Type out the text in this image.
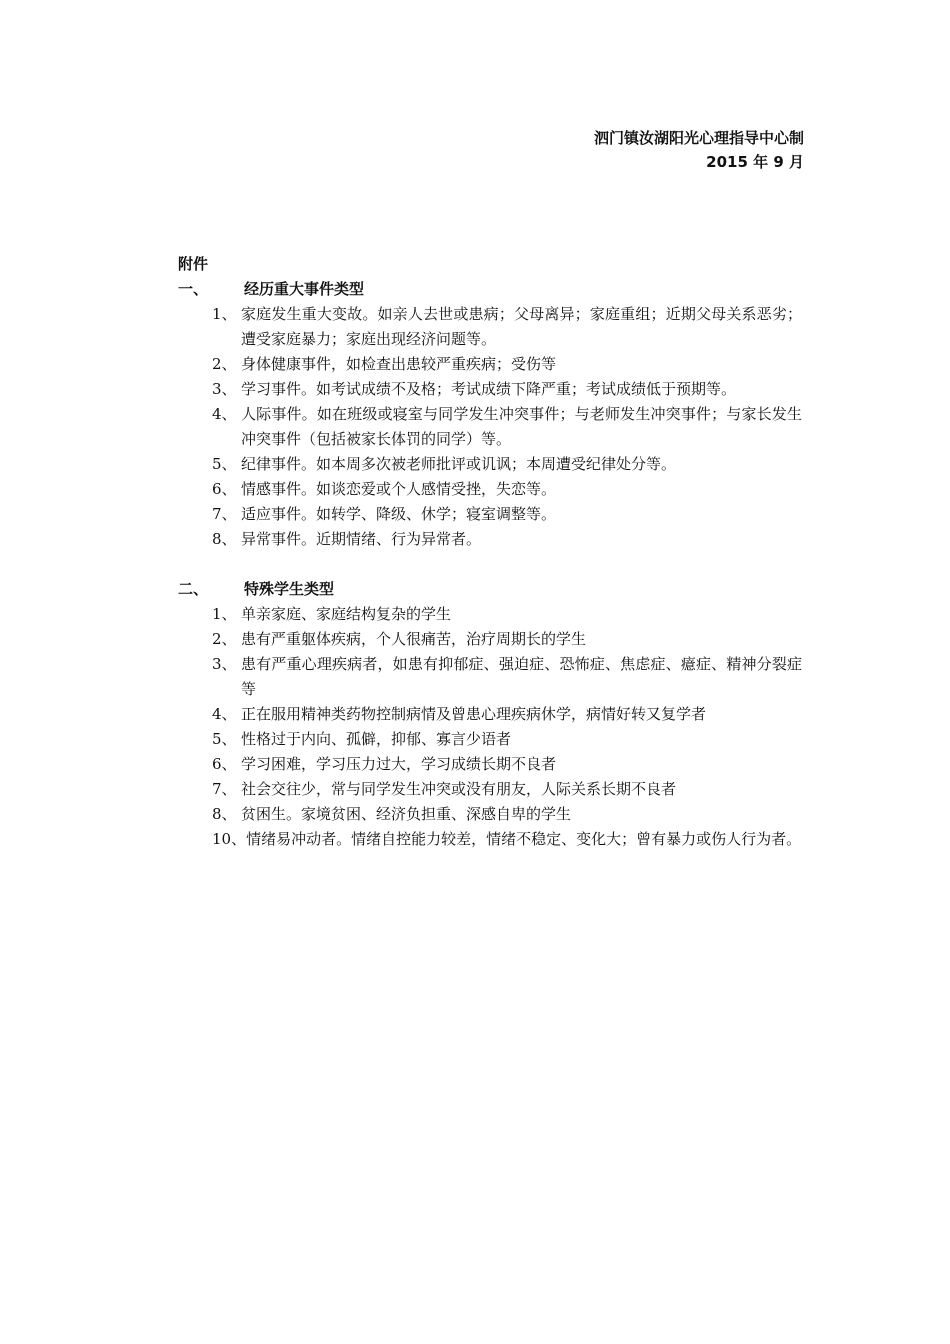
泗门镇汝湖阳光心理指导中心制
2015 年 9 月

附件

一、	经历重大事件类型
1、 家庭发生重大变故。如亲人去世或患病；父母离异；家庭重组；近期父母关系恶劣；遭受家庭暴力；家庭出现经济问题等。
2、 身体健康事件，如检查出患较严重疾病；受伤等
3、 学习事件。如考试成绩不及格；考试成绩下降严重；考试成绩低于预期等。
4、 人际事件。如在班级或寝室与同学发生冲突事件；与老师发生冲突事件；与家长发生冲突事件（包括被家长体罚的同学）等。
5、 纪律事件。如本周多次被老师批评或讥讽；本周遭受纪律处分等。
6、 情感事件。如谈恋爱或个人感情受挫，失恋等。
7、 适应事件。如转学、降级、休学；寝室调整等。
8、 异常事件。近期情绪、行为异常者。
二、	特殊学生类型
1、 单亲家庭、家庭结构复杂的学生
2、 患有严重躯体疾病，个人很痛苦，治疗周期长的学生
3、 患有严重心理疾病者，如患有抑郁症、强迫症、恐怖症、焦虑症、癔症、精神分裂症等
4、 正在服用精神类药物控制病情及曾患心理疾病休学，病情好转又复学者
5、 性格过于内向、孤僻，抑郁、寡言少语者
6、 学习困难，学习压力过大，学习成绩长期不良者
7、 社会交往少，常与同学发生冲突或没有朋友，人际关系长期不良者
8、 贫困生。家境贫困、经济负担重、深感自卑的学生
10、情绪易冲动者。情绪自控能力较差，情绪不稳定、变化大；曾有暴力或伤人行为者。
